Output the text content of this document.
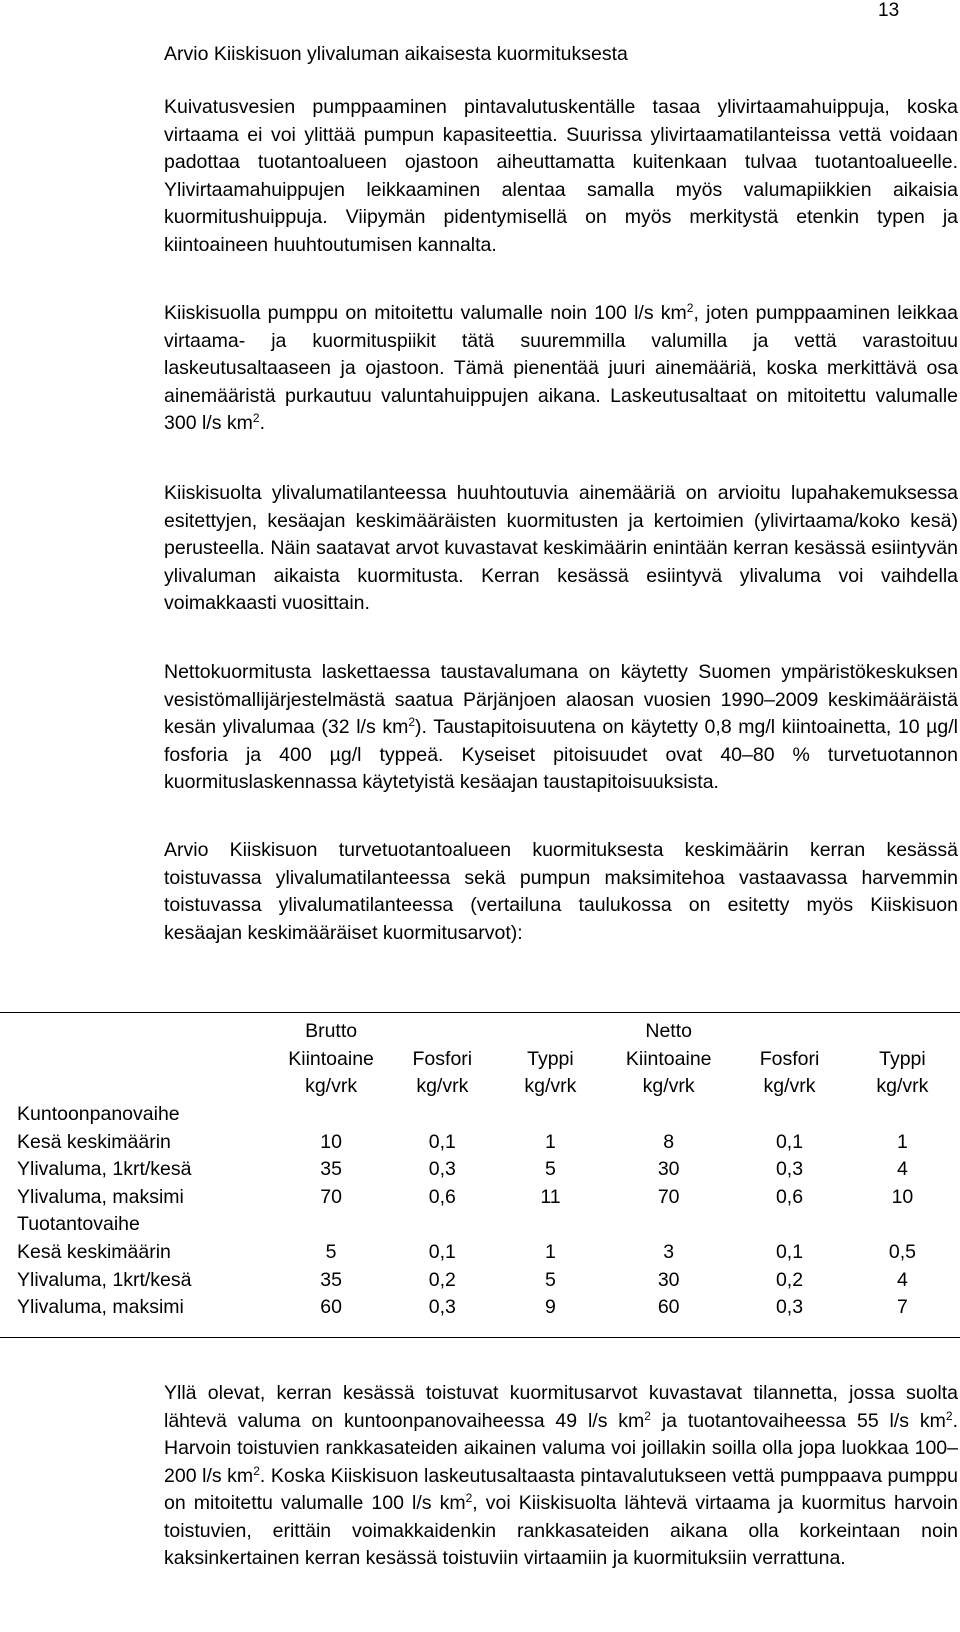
13
Arvio Kiiskisuon ylivaluman aikaisesta kuormituksesta

Kuivatusvesien pumppaaminen pintavalutuskentälle tasaa ylivirtaamahuippuja, koska virtaama ei voi ylittää pumpun kapasiteettia. Suurissa ylivirtaamatilanteissa vettä voidaan padottaa tuotantoalueen ojastoon aiheuttamatta kuitenkaan tulvaa tuotantoalueelle. Ylivirtaamahuippujen leikkaaminen alentaa samalla myös valumapiikkien aikaisia kuormitushuippuja. Viipymän pidentymisellä on myös merkitystä etenkin typen ja kiintoaineen huuhtoutumisen kannalta.

Kiiskisuolla pumppu on mitoitettu valumalle noin 100 l/s $km^2$, joten pumppaaminen leikkaa virtaama- ja kuormituspiikit tätä suuremmilla valumilla ja vettä varastoituu laskeutusaltaaseen ja ojastoon. Tämä pienentää juuri ainemääriä, koska merkittävä osa ainemääristä purkautuu valuntahuippujen aikana. Laskeutusaltaat on mitoitettu valumalle 300 l/s $km^2$.

Kiiskisuolta ylivalumatilanteessa huuhtoutuvia ainemääriä on arvioitu lupahakemuksessa esitettyjen, kesäajan keskimääräisten kuormitusten ja kertoimien (ylivirtaama/koko kesä) perusteella. Näin saatavat arvot kuvastavat keskimäärin enintään kerran kesässä esiintyvän ylivaluman aikaista kuormitusta. Kerran kesässä esiintyvä ylivaluma voi vaihdella voimakkaasti vuosittain.

Nettokuormitusta laskettaessa taustavalumana on käytetty Suomen ympäristökeskuksen vesistömallijärjestelmästä saatua Pärjänjoen alaosan vuosien 1990–2009 keskimääräistä kesän ylivalumaa (32 l/s $km^2$). Taustapitoisuutena on käytetty 0,8 mg/l kiintoainetta, 10 µg/l fosforia ja 400 µg/l typpeä. Kyseiset pitoisuudet ovat 40–80 % turvetuotannon kuormituslaskennassa käytetyistä kesäajan taustapitoisuuksista.

Arvio Kiiskisuon turvetuotantoalueen kuormituksesta keskimäärin kerran kesässä toistuvassa ylivalumatilanteessa sekä pumpun maksimitehoa vastaavassa harvemmin toistuvassa ylivalumatilanteessa (vertailuna taulukossa on esitetty myös Kiiskisuon kesäajan keskimääräiset kuormitusarvot):

	Brutto			Netto		
	Kiintoaine	Fosfori	Typpi	Kiintoaine	Fosfori	Typpi
	kg/vrk	kg/vrk	kg/vrk	kg/vrk	kg/vrk	kg/vrk
Kuntoonpanovaihe						
Kesä keskimäärin	10	0,1	1	8	0,1	1
Ylivaluma, 1krt/kesä	35	0,3	5	30	0,3	4
Ylivaluma, maksimi	70	0,6	11	70	0,6	10
Tuotantovaihe						
Kesä keskimäärin	5	0,1	1	3	0,1	0,5
Ylivaluma, 1krt/kesä	35	0,2	5	30	0,2	4
Ylivaluma, maksimi	60	0,3	9	60	0,3	7

Yllä olevat, kerran kesässä toistuvat kuormitusarvot kuvastavat tilannetta, jossa suolta lähtevä valuma on kuntoonpanovaiheessa 49 l/s $km^2$ ja tuotantovaiheessa 55 l/s $km^2$. Harvoin toistuvien rankkasateiden aikainen valuma voi joillakin soilla olla jopa luokkaa 100–200 l/s $km^2$. Koska Kiiskisuon laskeutusaltaasta pintavalutukseen vettä pumppaava pumppu on mitoitettu valumalle 100 l/s $km^2$, voi Kiiskisuolta lähtevä virtaama ja kuormitus harvoin toistuvien, erittäin voimakkaidenkin rankkasateiden aikana olla korkeintaan noin kaksinkertainen kerran kesässä toistuviin virtaamiin ja kuormituksiin verrattuna.
